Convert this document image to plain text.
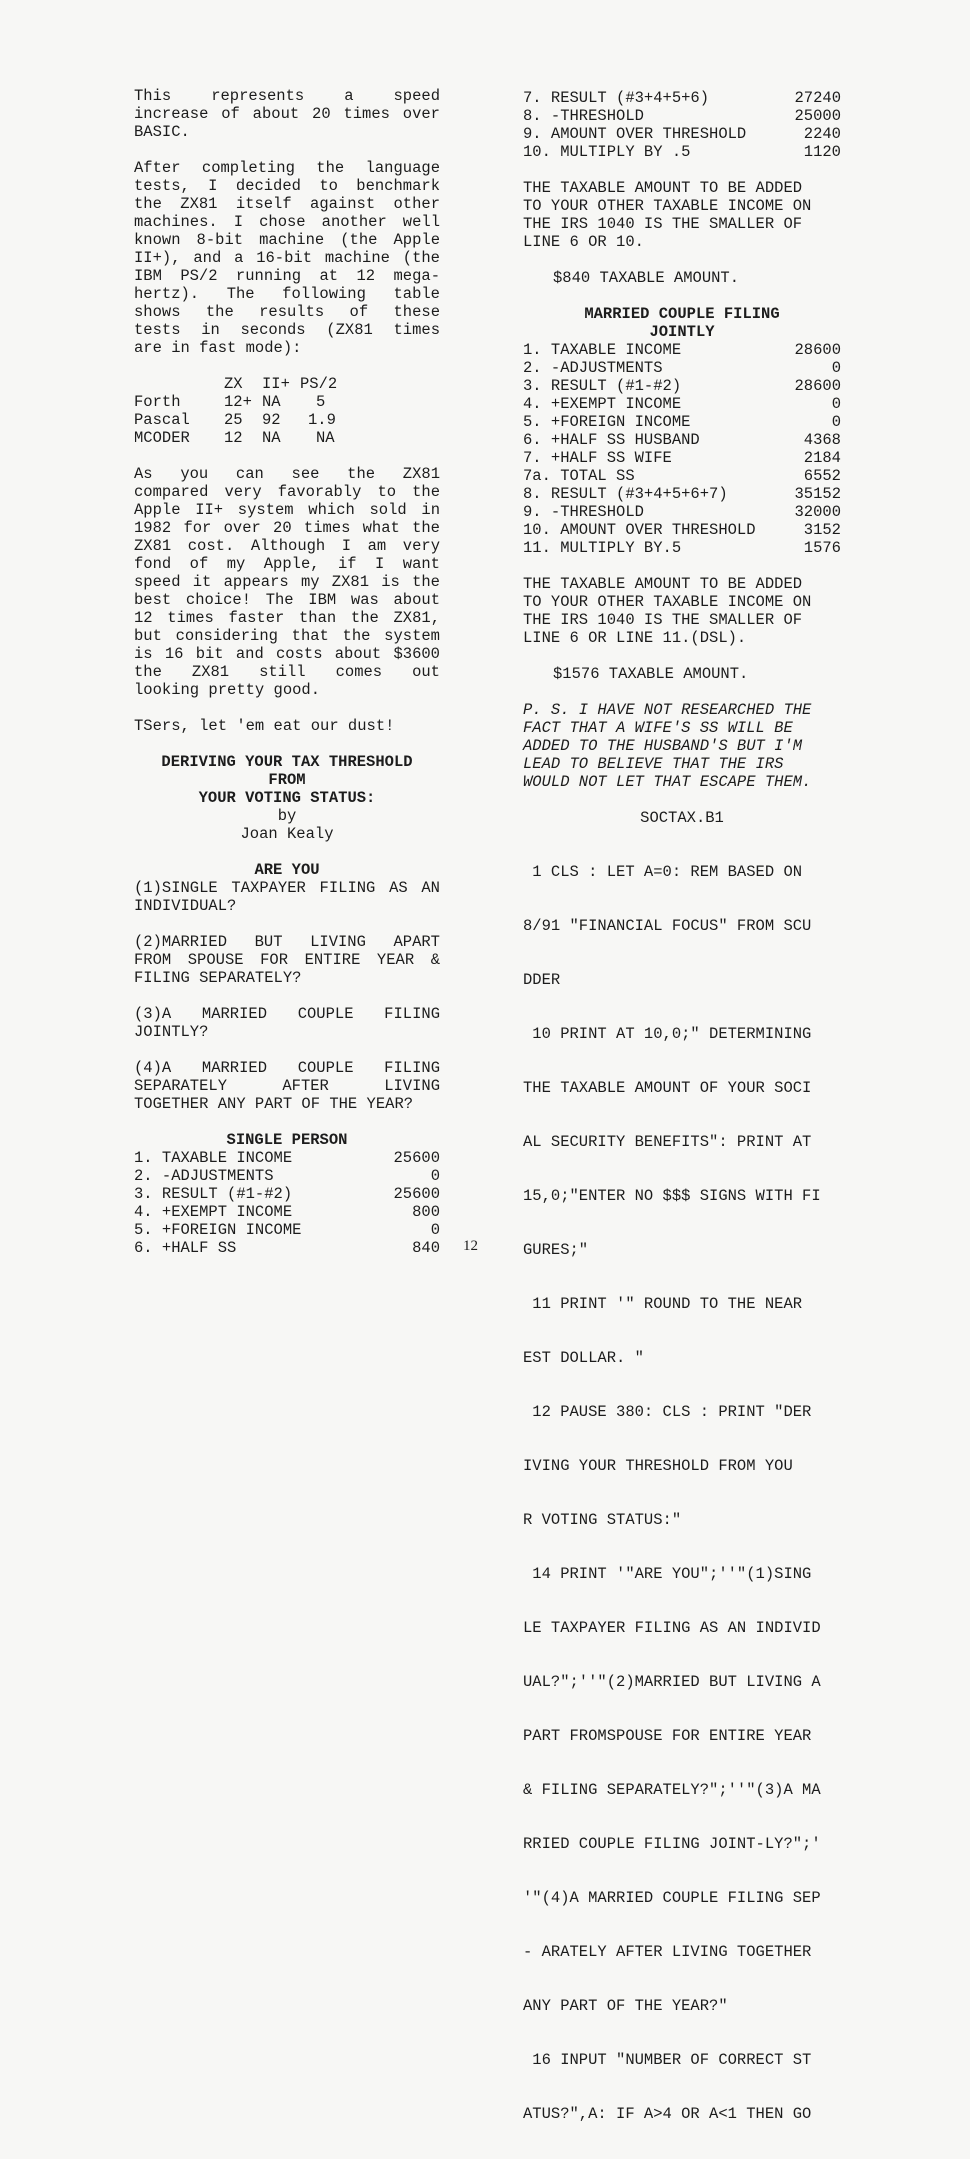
This represents a speed

increase of about 20 times over

BASIC.

After completing the language

tests, I decided to benchmark

the ZX81 itself against other

machines. I chose another well

known 8-bit machine (the Apple

II+), and a 16-bit machine (the

IBM PS/2 running at 12 mega-

hertz). The following table

shows the results of these

tests in seconds (ZX81 times

are in fast mode):

	ZX	II+	PS/2
Forth	12+	NA	5
Pascal	25	92	1.9
MCODER	12	NA	NA

As you can see the ZX81

compared very favorably to the

Apple II+ system which sold in

1982 for over 20 times what the

ZX81 cost. Although I am very

fond of my Apple, if I want

speed it appears my ZX81 is the

best choice! The IBM was about

12 times faster than the ZX81,

but considering that the system

is 16 bit and costs about $3600

the ZX81 still comes out

looking pretty good.

TSers, let 'em eat our dust!

DERIVING YOUR TAX THRESHOLD

FROM

YOUR VOTING STATUS:

by

Joan Kealy

ARE YOU

(1)SINGLE TAXPAYER FILING AS AN

INDIVIDUAL?

(2)MARRIED BUT LIVING APART

FROM SPOUSE FOR ENTIRE YEAR &

FILING SEPARATELY?

(3)A MARRIED COUPLE FILING

JOINTLY?

(4)A MARRIED COUPLE FILING

SEPARATELY AFTER LIVING

TOGETHER ANY PART OF THE YEAR?

SINGLE PERSON

1. TAXABLE INCOME	25600
2. -ADJUSTMENTS	0
3. RESULT (#1-#2)	25600
4. +EXEMPT INCOME	800
5. +FOREIGN INCOME	0
6. +HALF SS	840 12
7. RESULT (#3+4+5+6)	27240
8. -THRESHOLD	25000
9. AMOUNT OVER THRESHOLD	2240
10. MULTIPLY BY .5	1120

THE TAXABLE AMOUNT TO BE ADDED

TO YOUR OTHER TAXABLE INCOME ON

THE IRS 1040 IS THE SMALLER OF

LINE 6 OR 10.

$840 TAXABLE AMOUNT.

MARRIED COUPLE FILING

JOINTLY

1. TAXABLE INCOME	28600
2. -ADJUSTMENTS	0
3. RESULT (#1-#2)	28600
4. +EXEMPT INCOME	0
5. +FOREIGN INCOME	0
6. +HALF SS HUSBAND	4368
7. +HALF SS WIFE	2184
7a. TOTAL SS	6552
8. RESULT (#3+4+5+6+7)	35152
9. -THRESHOLD	32000
10. AMOUNT OVER THRESHOLD	3152
11. MULTIPLY BY.5	1576

THE TAXABLE AMOUNT TO BE ADDED

TO YOUR OTHER TAXABLE INCOME ON

THE IRS 1040 IS THE SMALLER OF

LINE 6 OR LINE 11.(DSL).

$1576 TAXABLE AMOUNT.

P. S. I HAVE NOT RESEARCHED THE

FACT THAT A WIFE'S SS WILL BE

ADDED TO THE HUSBAND'S BUT I'M

LEAD TO BELIEVE THAT THE IRS

WOULD NOT LET THAT ESCAPE THEM.

SOCTAX.B1

1 CLS : LET A=0: REM BASED ON

8/91 "FINANCIAL FOCUS" FROM SCU

DDER

10 PRINT AT 10,0;" DETERMINING

THE TAXABLE AMOUNT OF YOUR SOCI

AL SECURITY BENEFITS": PRINT AT

15,0;"ENTER NO $$$ SIGNS WITH FI

GURES;"

11 PRINT '" ROUND TO THE NEAR

EST DOLLAR. "

12 PAUSE 380: CLS : PRINT "DER

IVING YOUR THRESHOLD FROM YOU

R VOTING STATUS:"

14 PRINT '"ARE YOU";''"(1)SING

LE TAXPAYER FILING AS AN INDIVID

UAL?";''"(2)MARRIED BUT LIVING A

PART FROMSPOUSE FOR ENTIRE YEAR

& FILING SEPARATELY?";''"(3)A MA

RRIED COUPLE FILING JOINT-LY?";'

'"(4)A MARRIED COUPLE FILING SEP

- ARATELY AFTER LIVING TOGETHER

ANY PART OF THE YEAR?"

16 INPUT "NUMBER OF CORRECT ST

ATUS?",A: IF A>4 OR A<1 THEN GO
